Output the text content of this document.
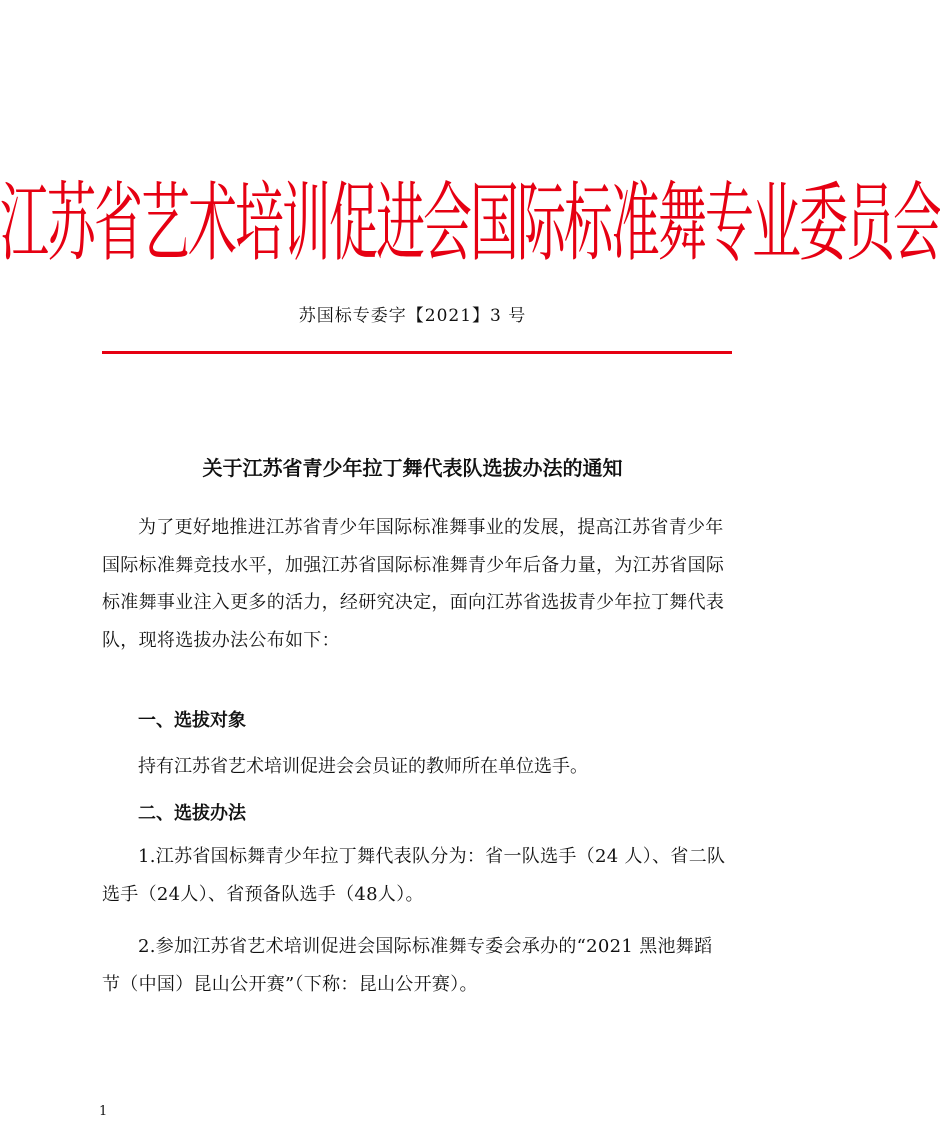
江苏省艺术培训促进会国际标准舞专业委员会
苏国标专委字【2021】3 号
关于江苏省青少年拉丁舞代表队选拔办法的通知
为了更好地推进江苏省青少年国际标准舞事业的发展，提高江苏省青少年国际标准舞竞技水平，加强江苏省国际标准舞青少年后备力量，为江苏省国际标准舞事业注入更多的活力，经研究决定，面向江苏省选拔青少年拉丁舞代表队，现将选拔办法公布如下：
一、选拔对象
持有江苏省艺术培训促进会会员证的教师所在单位选手。
二、选拔办法
1.江苏省国标舞青少年拉丁舞代表队分为：省一队选手（24 人）、省二队选手（24人）、省预备队选手（48人）。
2.参加江苏省艺术培训促进会国际标准舞专委会承办的“2021 黑池舞蹈节（中国）昆山公开赛”（下称：昆山公开赛）。
1
